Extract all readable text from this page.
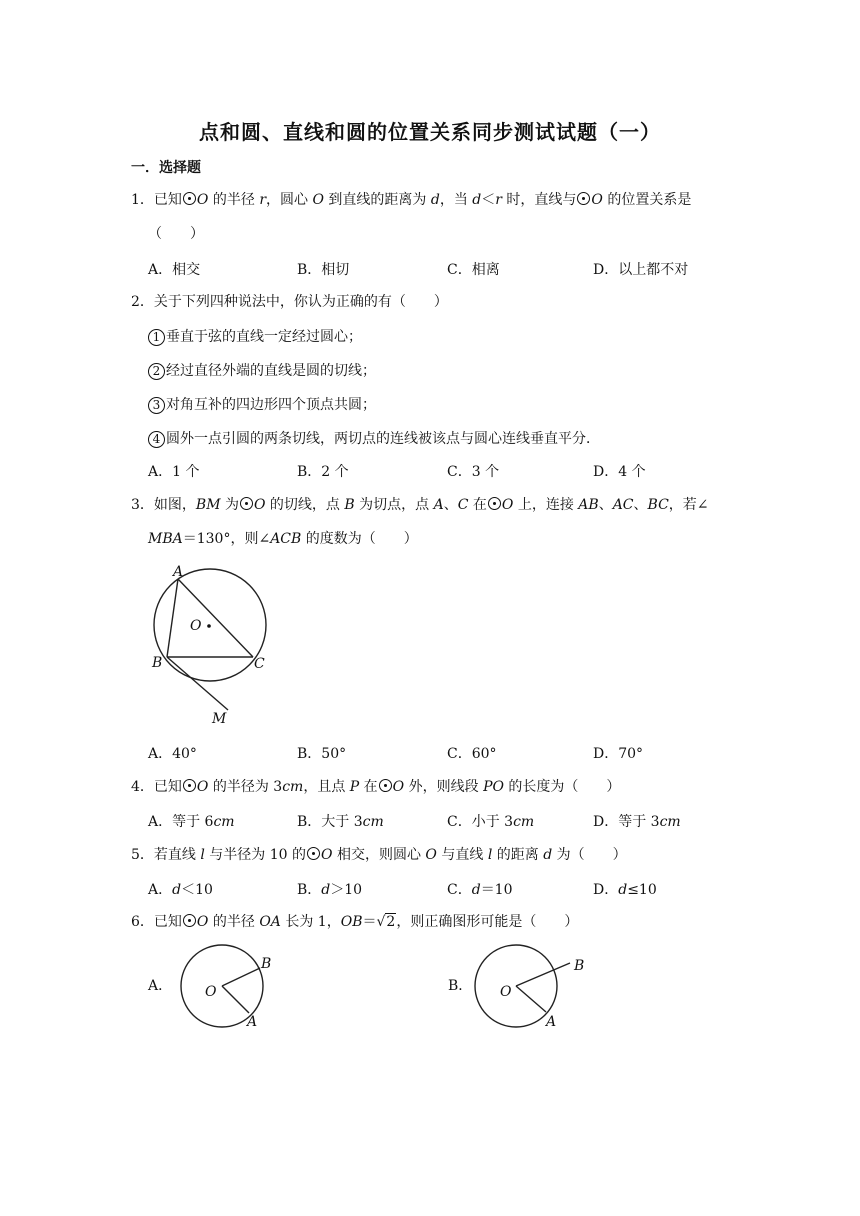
点和圆、直线和圆的位置关系同步测试试题（一）
一．选择题
1．已知 O 的半径 r，圆心 O 到直线的距离为 d，当 d＜r 时，直线与 O 的位置关系是
（　　）
A．相交	B．相切	C．相离	D．以上都不对
2．关于下列四种说法中，你认为正确的有（　　）
1 垂直于弦的直线一定经过圆心；
2 经过直径外端的直线是圆的切线；
3 对角互补的四边形四个顶点共圆；
4 圆外一点引圆的两条切线，两切点的连线被该点与圆心连线垂直平分．
A．1 个	B．2 个	C．3 个	D．4 个
3．如图，BM 为 O 的切线，点 B 为切点，点 A、C 在 O 上，连接 AB、AC、BC，若∠
MBA＝130°，则∠ACB 的度数为（　　）
A
B	C
O
M
A．40°	B．50°	C．60°	D．70°
4．已知 O 的半径为 3cm，且点 P 在 O 外，则线段 PO 的长度为（　　）
A．等于 6cm	B．大于 3cm	C．小于 3cm	D．等于 3cm
5．若直线 l 与半径为 10 的 O 相交，则圆心 O 与直线 l 的距离 d 为（　　）
A．d＜10	B．d＞10	C．d＝10	D．d≤10
6．已知 O 的半径 OA 长为 1，OB＝√2，则正确图形可能是（　　）
A． O
B
A
B． O
B
A
